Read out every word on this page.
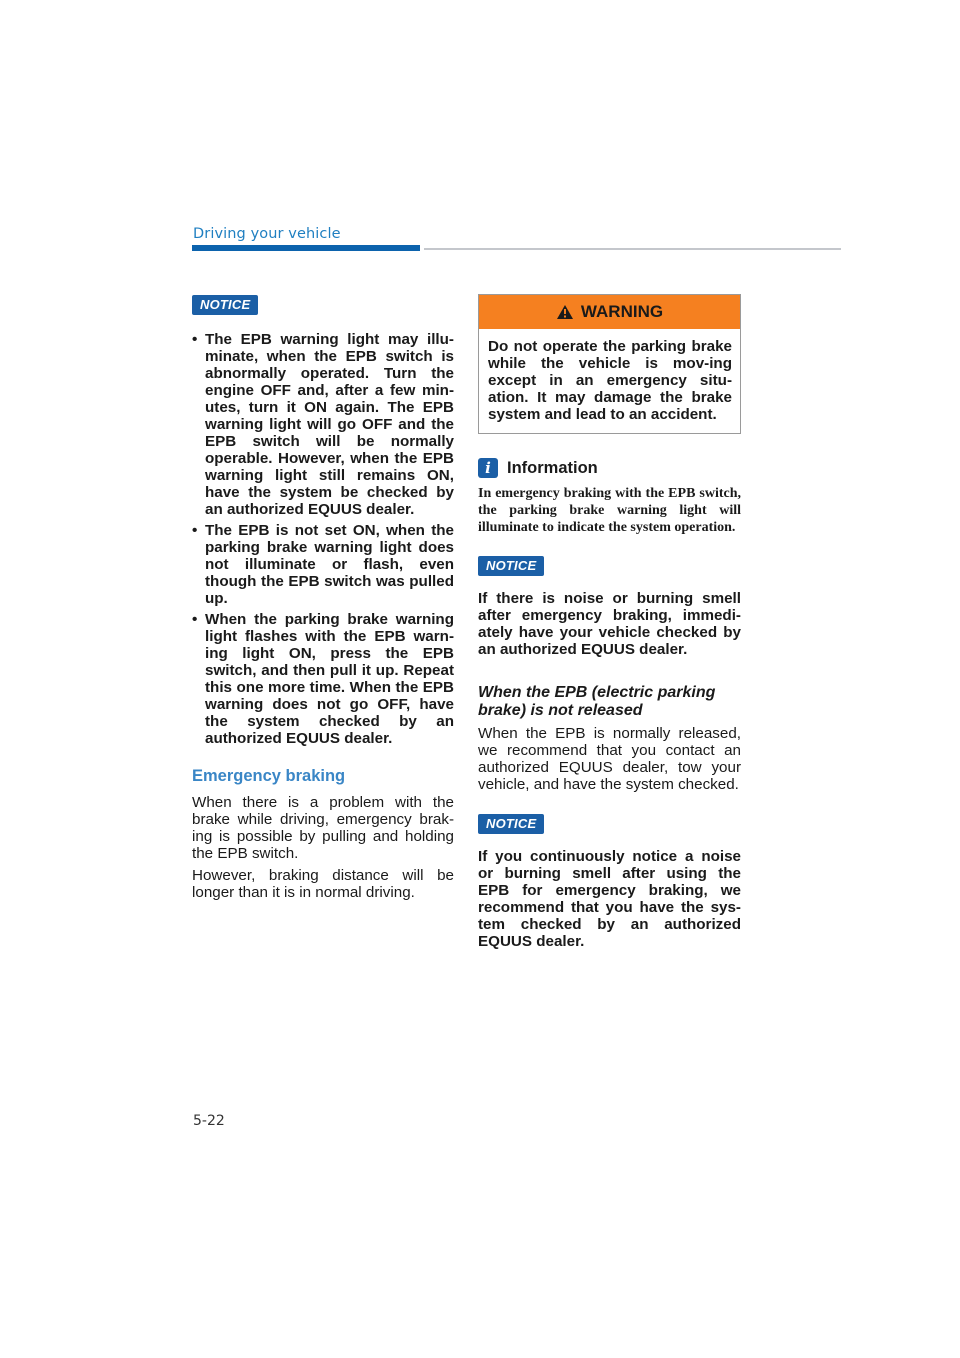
Driving your vehicle
NOTICE
• The EPB warning light may illu-minate, when the EPB switch is abnormally operated. Turn the engine OFF and, after a few min-utes, turn it ON again. The EPB warning light will go OFF and the EPB switch will be normally operable. However, when the EPB warning light still remains ON, have the system be checked by an authorized EQUUS dealer.
• The EPB is not set ON, when the parking brake warning light does not illuminate or flash, even though the EPB switch was pulled up.
• When the parking brake warning light flashes with the EPB warn-ing light ON, press the EPB switch, and then pull it up. Repeat this one more time. When the EPB warning does not go OFF, have the system checked by an authorized EQUUS dealer.
Emergency braking

When there is a problem with the brake while driving, emergency brak-ing is possible by pulling and holding the EPB switch.

However, braking distance will be longer than it is in normal driving.

WARNING
Do not operate the parking brake while the vehicle is mov-ing except in an emergency situ-ation. It may damage the brake system and lead to an accident.
i Information

In emergency braking with the EPB switch, the parking brake warning light will illuminate to indicate the system operation.

NOTICE

If there is noise or burning smell after emergency braking, immedi-ately have your vehicle checked by an authorized EQUUS dealer.

When the EPB (electric parking brake) is not released

When the EPB is normally released, we recommend that you contact an authorized EQUUS dealer, tow your vehicle, and have the system checked.

NOTICE

If you continuously notice a noise or burning smell after using the EPB for emergency braking, we recommend that you have the sys-tem checked by an authorized EQUUS dealer.

5-22
